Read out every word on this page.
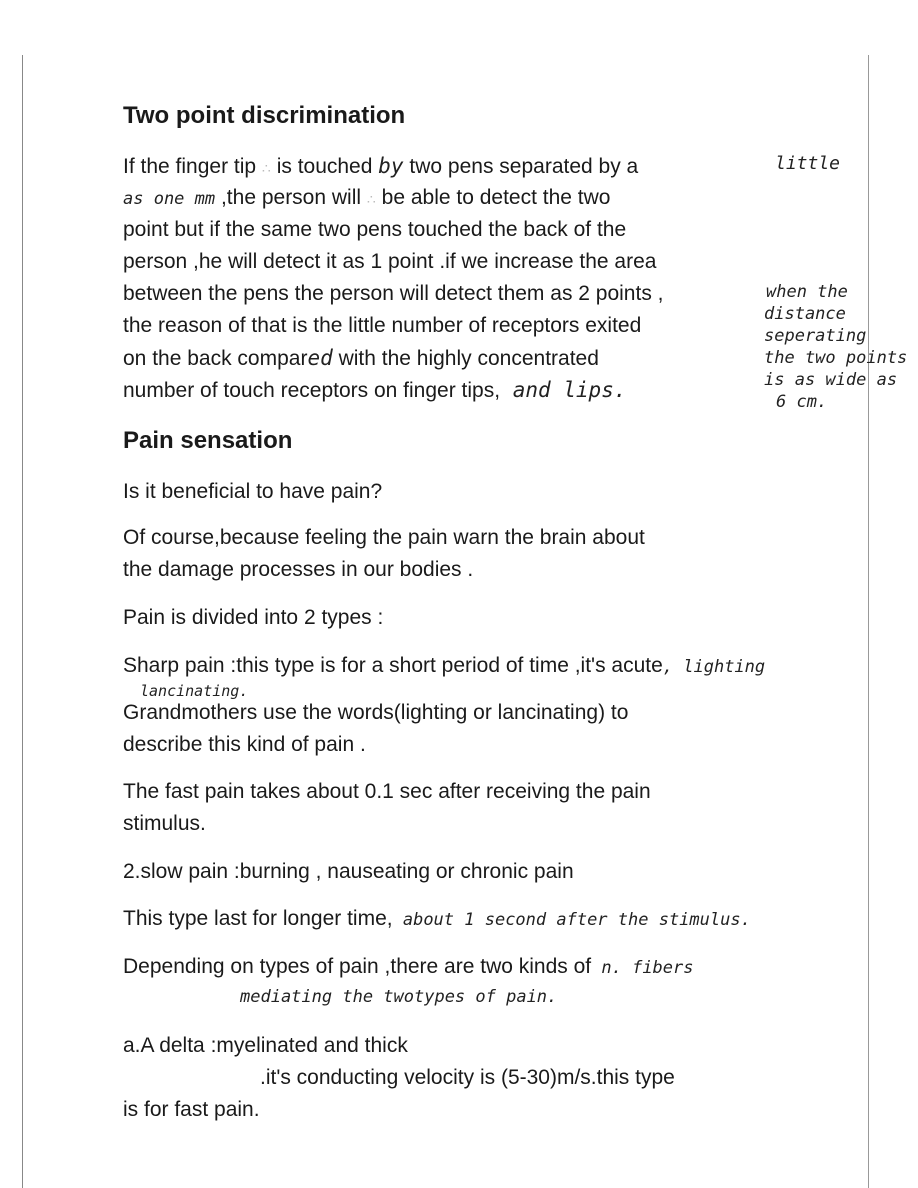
Two point discrimination
If the finger tip ∴ is touched by two pens separated by a
as one mm ,the person will ∴ be able to detect the two
point but if the same two pens touched the back of the
person ,he will detect it as 1 point .if we increase the area
between the pens the person will detect them as 2 points ,
the reason of that is the little number of receptors exited
on the back compared with the highly concentrated
number of touch receptors on finger tips, and lips.
little
when the
distance
seperating
the two points
is as wide as
6 cm.
Pain sensation
Is it beneficial to have pain?
Of course,because feeling the pain warn the brain about
the damage processes in our bodies .
Pain is divided into 2 types :
Sharp pain :this type is for a short period of time ,it's acute, lighting
lancinating.
Grandmothers use the words(lighting or lancinating) to
describe this kind of pain .
The fast pain takes about 0.1 sec after receiving the pain
stimulus.
2.slow pain :burning , nauseating or chronic pain
This type last for longer time, about 1 second after the stimulus.
Depending on types of pain ,there are two kinds of n. fibers
mediating the twotypes of pain.
a.A delta :myelinated and thick
.it's conducting velocity is (5-30)m/s.this type
is for fast pain.
